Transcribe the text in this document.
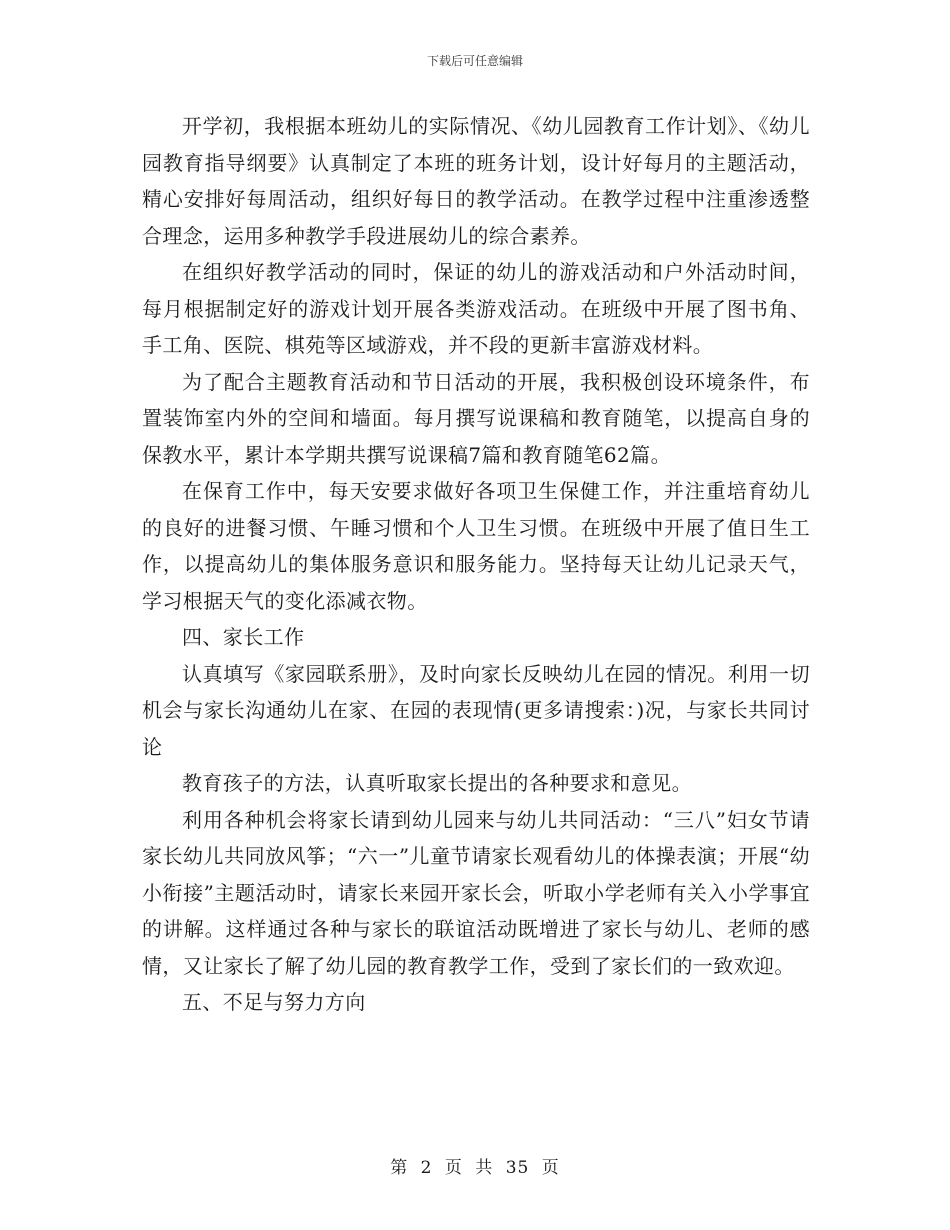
下载后可任意编辑

开学初，我根据本班幼儿的实际情况、《幼儿园教育工作计划》、《幼儿园教育指导纲要》认真制定了本班的班务计划，设计好每月的主题活动，精心安排好每周活动，组织好每日的教学活动。在教学过程中注重渗透整合理念，运用多种教学手段进展幼儿的综合素养。

在组织好教学活动的同时，保证的幼儿的游戏活动和户外活动时间，每月根据制定好的游戏计划开展各类游戏活动。在班级中开展了图书角、手工角、医院、棋苑等区域游戏，并不段的更新丰富游戏材料。

为了配合主题教育活动和节日活动的开展，我积极创设环境条件，布置装饰室内外的空间和墙面。每月撰写说课稿和教育随笔，以提高自身的保教水平，累计本学期共撰写说课稿7篇和教育随笔62篇。

在保育工作中，每天安要求做好各项卫生保健工作，并注重培育幼儿的良好的进餐习惯、午睡习惯和个人卫生习惯。在班级中开展了值日生工作，以提高幼儿的集体服务意识和服务能力。坚持每天让幼儿记录天气，学习根据天气的变化添减衣物。

四、家长工作

认真填写《家园联系册》，及时向家长反映幼儿在园的情况。利用一切机会与家长沟通幼儿在家、在园的表现情(更多请搜索：)况，与家长共同讨论

教育孩子的方法，认真听取家长提出的各种要求和意见。

利用各种机会将家长请到幼儿园来与幼儿共同活动：“三八”妇女节请家长幼儿共同放风筝；“六一”儿童节请家长观看幼儿的体操表演；开展“幼小衔接”主题活动时，请家长来园开家长会，听取小学老师有关入小学事宜的讲解。这样通过各种与家长的联谊活动既增进了家长与幼儿、老师的感情，又让家长了解了幼儿园的教育教学工作，受到了家长们的一致欢迎。

五、不足与努力方向

第 2 页 共 35 页
